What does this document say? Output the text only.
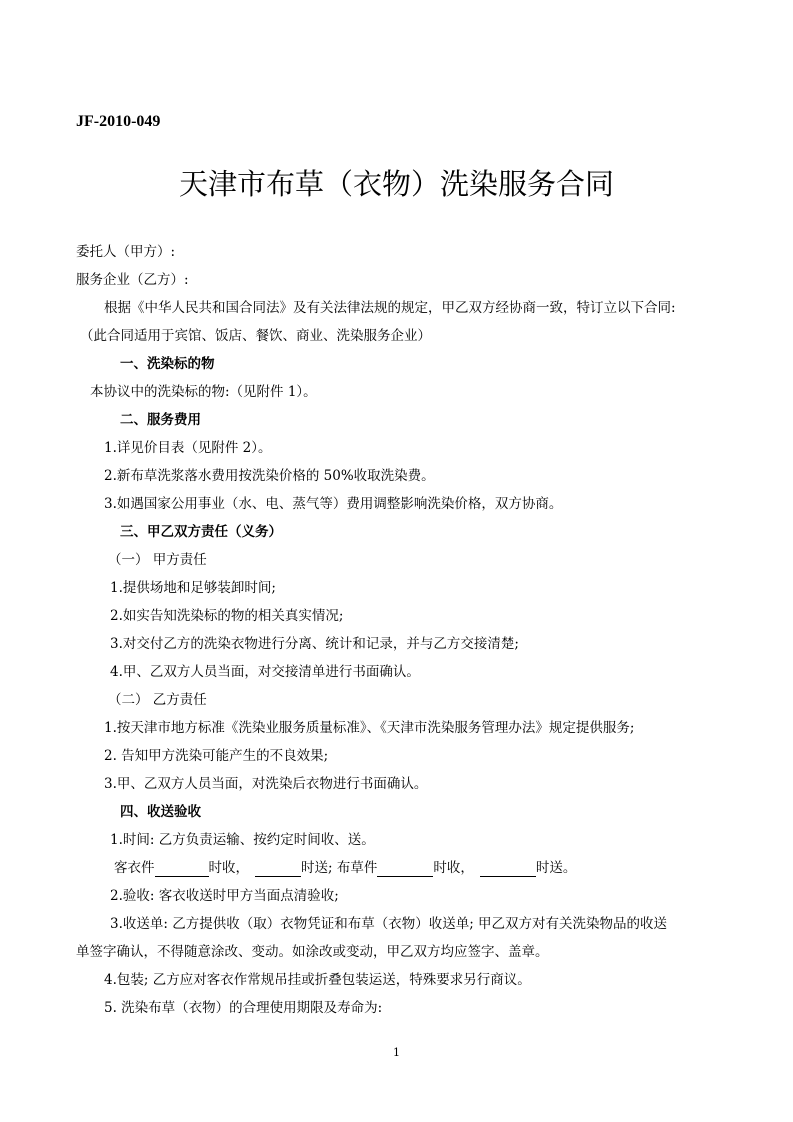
JF-2010-049
天津市布草（衣物）洗染服务合同
委托人（甲方）:
服务企业（乙方）:
根据《中华人民共和国合同法》及有关法律法规的规定，甲乙双方经协商一致，特订立以下合同:
（此合同适用于宾馆、饭店、餐饮、商业、洗染服务企业）
一、洗染标的物
本协议中的洗染标的物:（见附件 1）。
二、服务费用
1.详见价目表（见附件 2）。
2.新布草洗浆落水费用按洗染价格的 50%收取洗染费。
3.如遇国家公用事业（水、电、蒸气等）费用调整影响洗染价格，双方协商。
三、甲乙双方责任（义务）
（一） 甲方责任
1.提供场地和足够装卸时间;
2.如实告知洗染标的物的相关真实情况;
3.对交付乙方的洗染衣物进行分离、统计和记录，并与乙方交接清楚;
4.甲、乙双方人员当面，对交接清单进行书面确认。
（二） 乙方责任
1.按天津市地方标准《洗染业服务质量标准》、《天津市洗染服务管理办法》规定提供服务;
2. 告知甲方洗染可能产生的不良效果;
3.甲、乙双方人员当面，对洗染后衣物进行书面确认。
四、收送验收
1.时间: 乙方负责运输、按约定时间收、送。
客衣件	时收，	时送; 布草件	时收，	时送。
2.验收: 客衣收送时甲方当面点清验收;
3.收送单: 乙方提供收（取）衣物凭证和布草（衣物）收送单; 甲乙双方对有关洗染物品的收送
单签字确认，不得随意涂改、变动。如涂改或变动，甲乙双方均应签字、盖章。
4.包装; 乙方应对客衣作常规吊挂或折叠包装运送，特殊要求另行商议。
5. 洗染布草（衣物）的合理使用期限及寿命为:
1
